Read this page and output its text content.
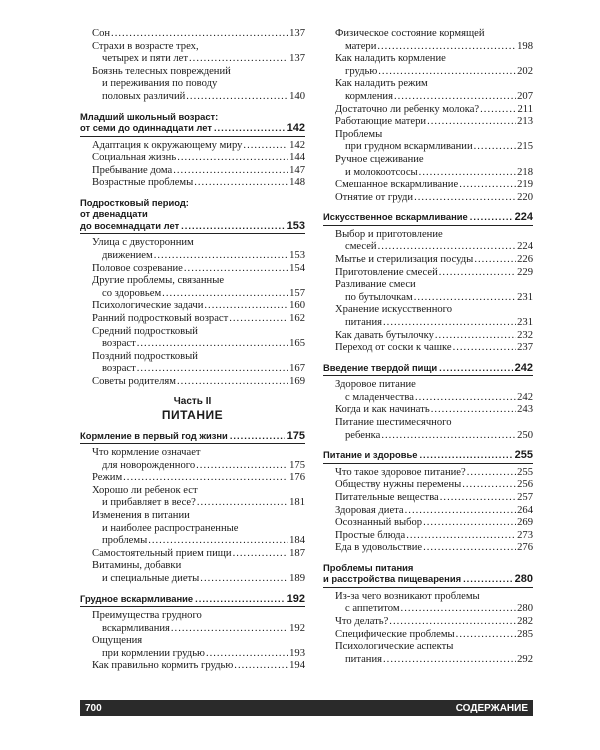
Сон .....	137
Страхи в возрасте трех,
четырех и пяти лет .....	137
Боязнь телесных повреждений
и переживания по поводу
половых различий .....	140
Младший школьный возраст:
от семи до одиннадцати лет .....	142
Адаптация к окружающему миру .....	142
Социальная жизнь .....	144
Пребывание дома .....	147
Возрастные проблемы .....	148
Подростковый период:
от двенадцати
до восемнадцати лет .....	153
Улица с двусторонним
движением .....	153
Половое созревание .....	154
Другие проблемы, связанные
со здоровьем .....	157
Психологические задачи .....	160
Ранний подростковый возраст .....	162
Средний подростковый
возраст .....	165
Поздний подростковый
возраст .....	167
Советы родителям .....	169
Часть II
ПИТАНИЕ
Кормление в первый год жизни .....	175
Что кормление означает
для новорожденного .....	175
Режим .....	176
Хорошо ли ребенок ест
и прибавляет в весе? .....	181
Изменения в питании
и наиболее распространенные
проблемы .....	184
Самостоятельный прием пищи .....	187
Витамины, добавки
и специальные диеты .....	189
Грудное вскармливание .....	192
Преимущества грудного
вскармливания .....	192
Ощущения
при кормлении грудью .....	193
Как правильно кормить грудью .....	194
Физическое состояние кормящей
матери .....	198
Как наладить кормление
грудью .....	202
Как наладить режим
кормления .....	207
Достаточно ли ребенку молока? .....	211
Работающие матери .....	213
Проблемы
при грудном вскармливании .....	215
Ручное сцеживание
и молокоотсосы .....	218
Смешанное вскармливание .....	219
Отнятие от груди .....	220
Искусственное вскармливание .....	224
Выбор и приготовление
смесей .....	224
Мытье и стерилизация посуды .....	226
Приготовление смесей .....	229
Разливание смеси
по бутылочкам .....	231
Хранение искусственного
питания .....	231
Как давать бутылочку .....	232
Переход от соски к чашке .....	237
Введение твердой пищи .....	242
Здоровое питание
с младенчества .....	242
Когда и как начинать .....	243
Питание шестимесячного
ребенка .....	250
Питание и здоровье .....	255
Что такое здоровое питание? .....	255
Обществу нужны перемены .....	256
Питательные вещества .....	257
Здоровая диета .....	264
Осознанный выбор .....	269
Простые блюда .....	273
Еда в удовольствие .....	276
Проблемы питания
и расстройства пищеварения .....	280
Из-за чего возникают проблемы
с аппетитом .....	280
Что делать? .....	282
Специфические проблемы .....	285
Психологические аспекты
питания .....	292
700	СОДЕРЖАНИЕ
